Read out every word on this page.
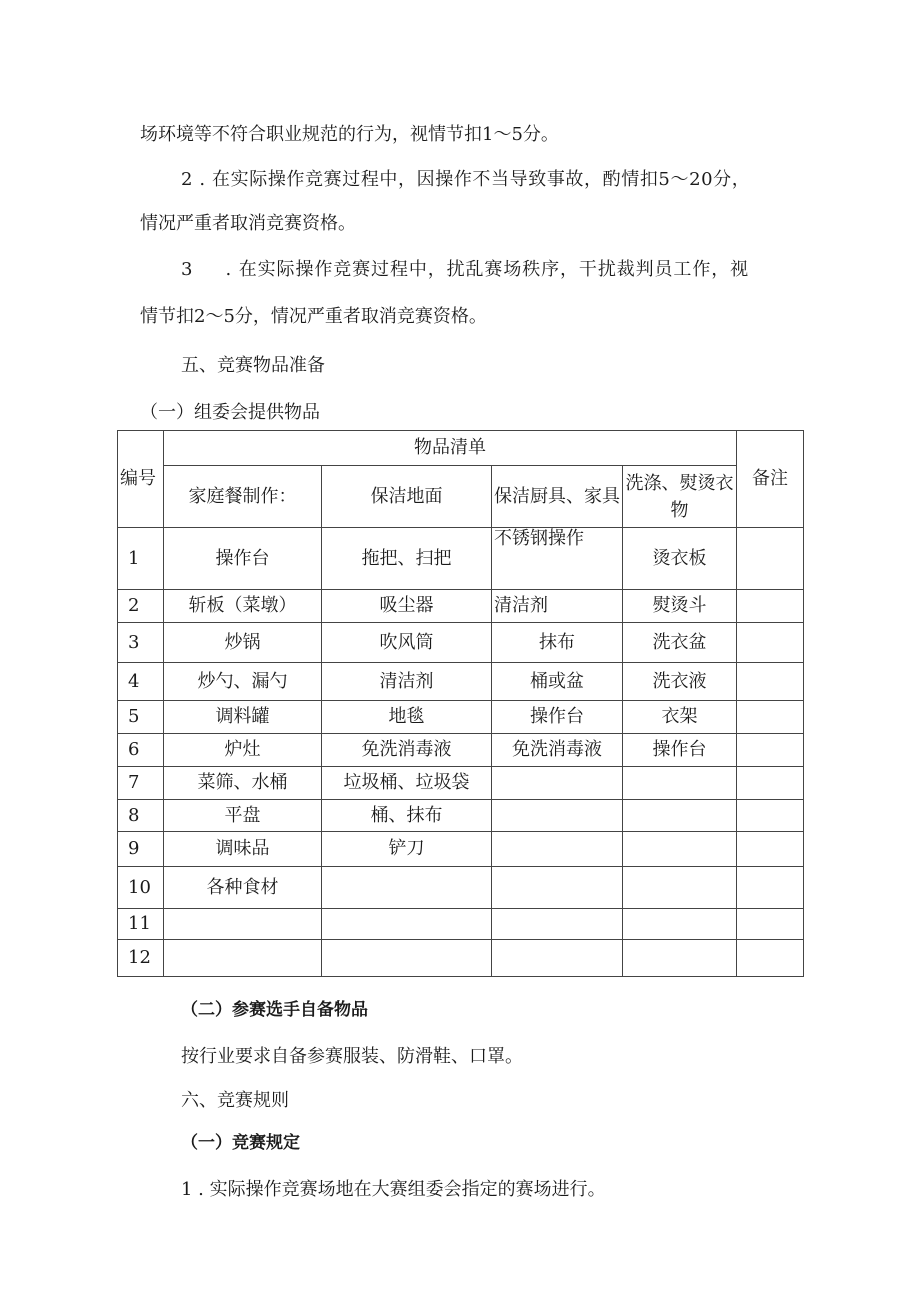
场环境等不符合职业规范的行为，视情节扣1～5分。
2 . 在实际操作竞赛过程中，因操作不当导致事故，酌情扣5～20分，
情况严重者取消竞赛资格。
3 　 . 在实际操作竞赛过程中，扰乱赛场秩序，干扰裁判员工作，视
情节扣2～5分，情况严重者取消竞赛资格。
五、竞赛物品准备
（一）组委会提供物品
编号	物品清单				备注
	家庭餐制作：	保洁地面	保洁厨具、家具	洗涤、熨烫衣物	
1	操作台	拖把、扫把	不锈钢操作	烫衣板	
2	斩板（菜墩）	吸尘器	清洁剂	熨烫斗	
3	炒锅	吹风筒	抹布	洗衣盆	
4	炒勺、漏勺	清洁剂	桶或盆	洗衣液	
5	调料罐	地毯	操作台	衣架	
6	炉灶	免洗消毒液	免洗消毒液	操作台	
7	菜筛、水桶	垃圾桶、垃圾袋			
8	平盘	桶、抹布			
9	调味品	铲刀			
10	各种食材				
11					
12					
（二）参赛选手自备物品
按行业要求自备参赛服装、防滑鞋、口罩。
六、竞赛规则
（一）竞赛规定
1 . 实际操作竞赛场地在大赛组委会指定的赛场进行。
